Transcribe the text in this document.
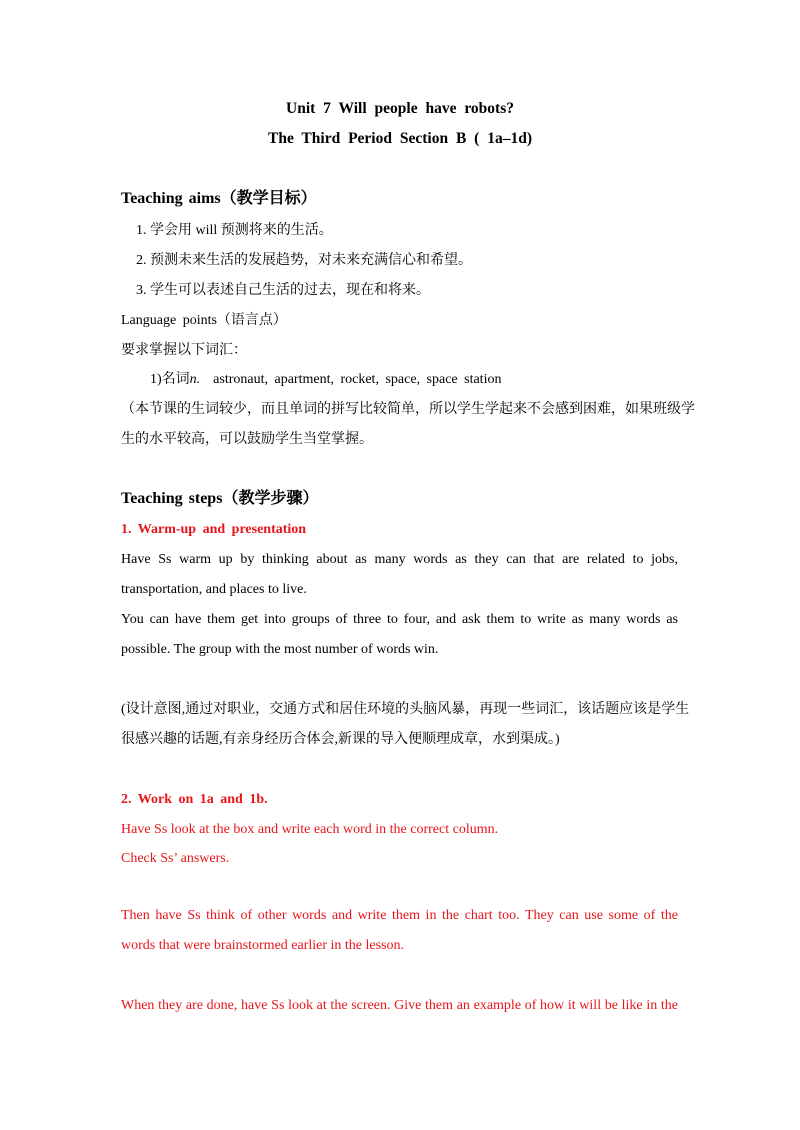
Unit 7 Will people have robots?
The Third Period Section B ( 1a–1d)
Teaching aims（教学目标）
1. 学会用 will 预测将来的生活。
2. 预测未来生活的发展趋势，对未来充满信心和希望。
3. 学生可以表述自己生活的过去，现在和将来。
Language points（语言点）
要求掌握以下词汇：
1)名词n. astronaut, apartment, rocket, space, space station
（本节课的生词较少，而且单词的拼写比较简单，所以学生学起来不会感到困难，如果班级学
生的水平较高，可以鼓励学生当堂掌握。
Teaching steps（教学步骤）
1. Warm-up and presentation
Have Ss warm up by thinking about as many words as they can that are related to jobs,
transportation, and places to live.
You can have them get into groups of three to four, and ask them to write as many words as
possible. The group with the most number of words win.
(设计意图,通过对职业，交通方式和居住环境的头脑风暴，再现一些词汇，该话题应该是学生
很感兴趣的话题,有亲身经历合体会,新课的导入便顺理成章，水到渠成。)
2. Work on 1a and 1b.
Have Ss look at the box and write each word in the correct column.
Check Ss’ answers.
Then have Ss think of other words and write them in the chart too. They can use some of the
words that were brainstormed earlier in the lesson.
When they are done, have Ss look at the screen. Give them an example of how it will be like in the
